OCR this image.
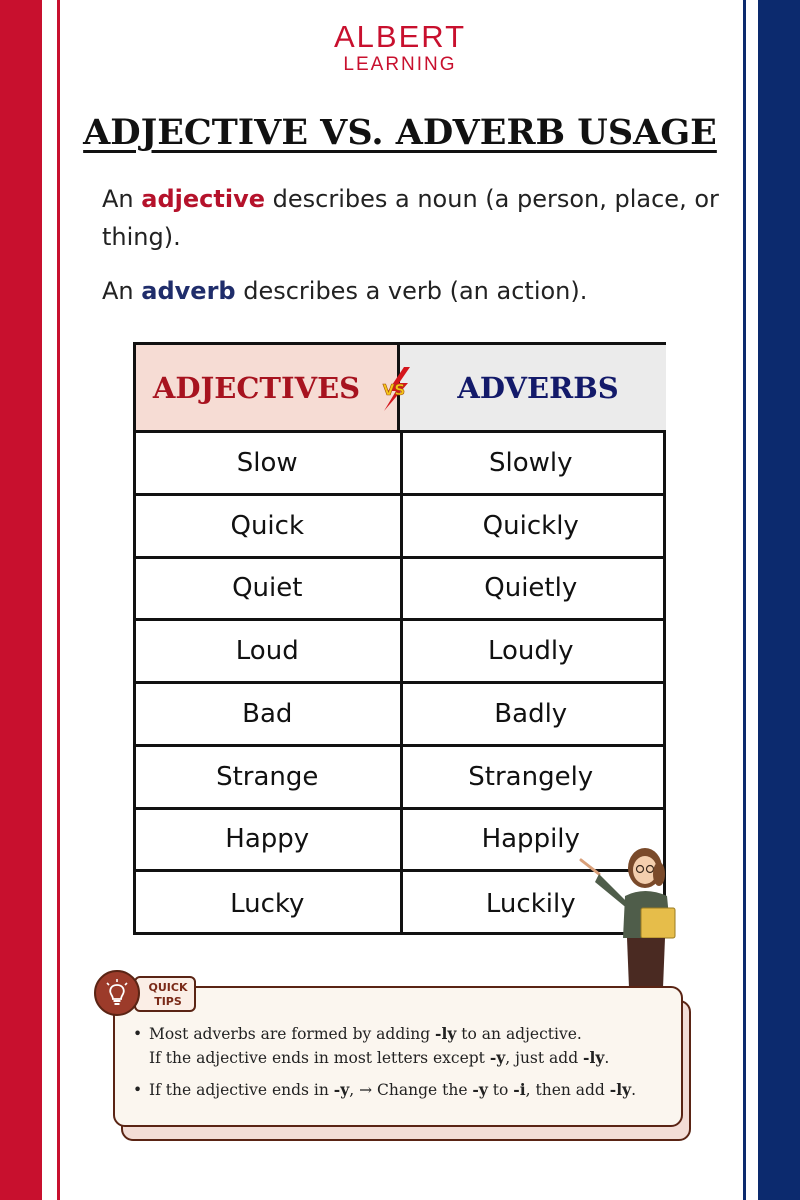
ALBERT
LEARNING
ADJECTIVE VS. ADVERB USAGE
An adjective describes a noun (a person, place, or thing).
An adverb describes a verb (an action).
ADJECTIVES	ADVERBS
Slow	Slowly
Quick	Quickly
Quiet	Quietly
Loud	Loudly
Bad	Badly
Strange	Strangely
Happy	Happily
Lucky	Luckily
VS
QUICK
TIPS
• Most adverbs are formed by adding -ly to an adjective.
If the adjective ends in most letters except -y, just add -ly.
• If the adjective ends in -y, → Change the -y to -i, then add -ly.
